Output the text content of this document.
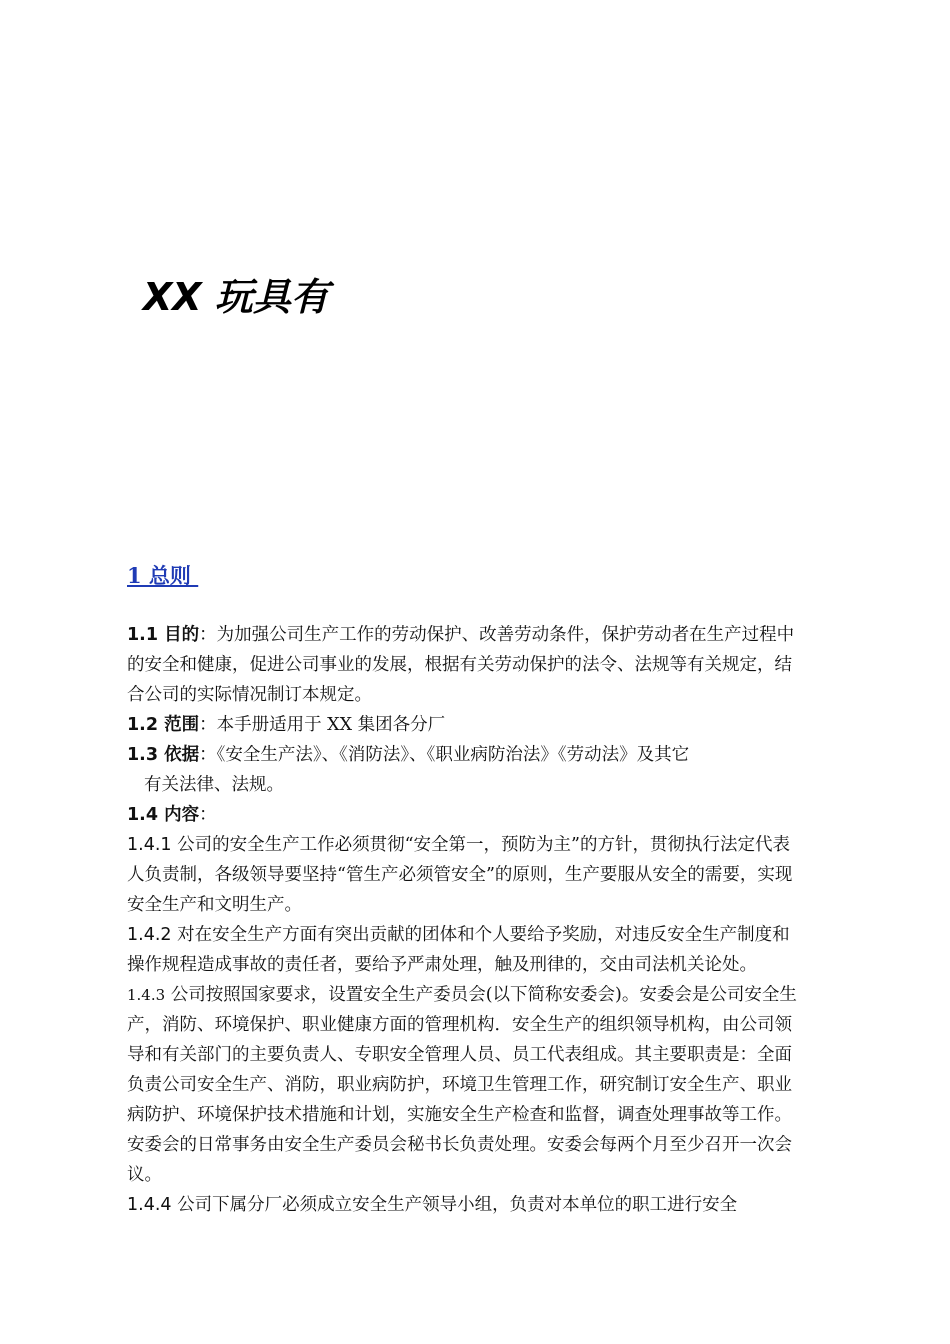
XX 玩具有
1 总则

1.1 目的：为加强公司生产工作的劳动保护、改善劳动条件，保护劳动者在生产过程中的安全和健康，促进公司事业的发展，根据有关劳动保护的法令、法规等有关规定，结合公司的实际情况制订本规定。

1.2 范围：本手册适用于 XX 集团各分厂

1.3 依据：《安全生产法》、《消防法》、《职业病防治法》《劳动法》及其它

有关法律、法规。

1.4 内容：

1.4.1 公司的安全生产工作必须贯彻“安全第一，预防为主”的方针，贯彻执行法定代表人负责制，各级领导要坚持“管生产必须管安全”的原则，生产要服从安全的需要，实现安全生产和文明生产。

1.4.2 对在安全生产方面有突出贡献的团体和个人要给予奖励，对违反安全生产制度和操作规程造成事故的责任者，要给予严肃处理，触及刑律的，交由司法机关论处。

1.4.3 公司按照国家要求，设置安全生产委员会(以下简称安委会)。安委会是公司安全生产，消防、环境保护、职业健康方面的管理机构．安全生产的组织领导机构，由公司领导和有关部门的主要负责人、专职安全管理人员、员工代表组成。其主要职责是：全面负责公司安全生产、消防，职业病防护，环境卫生管理工作，研究制订安全生产、职业病防护、环境保护技术措施和计划，实施安全生产检查和监督，调查处理事故等工作。安委会的日常事务由安全生产委员会秘书长负责处理。安委会每两个月至少召开一次会议。

1.4.4 公司下属分厂必须成立安全生产领导小组，负责对本单位的职工进行安全
